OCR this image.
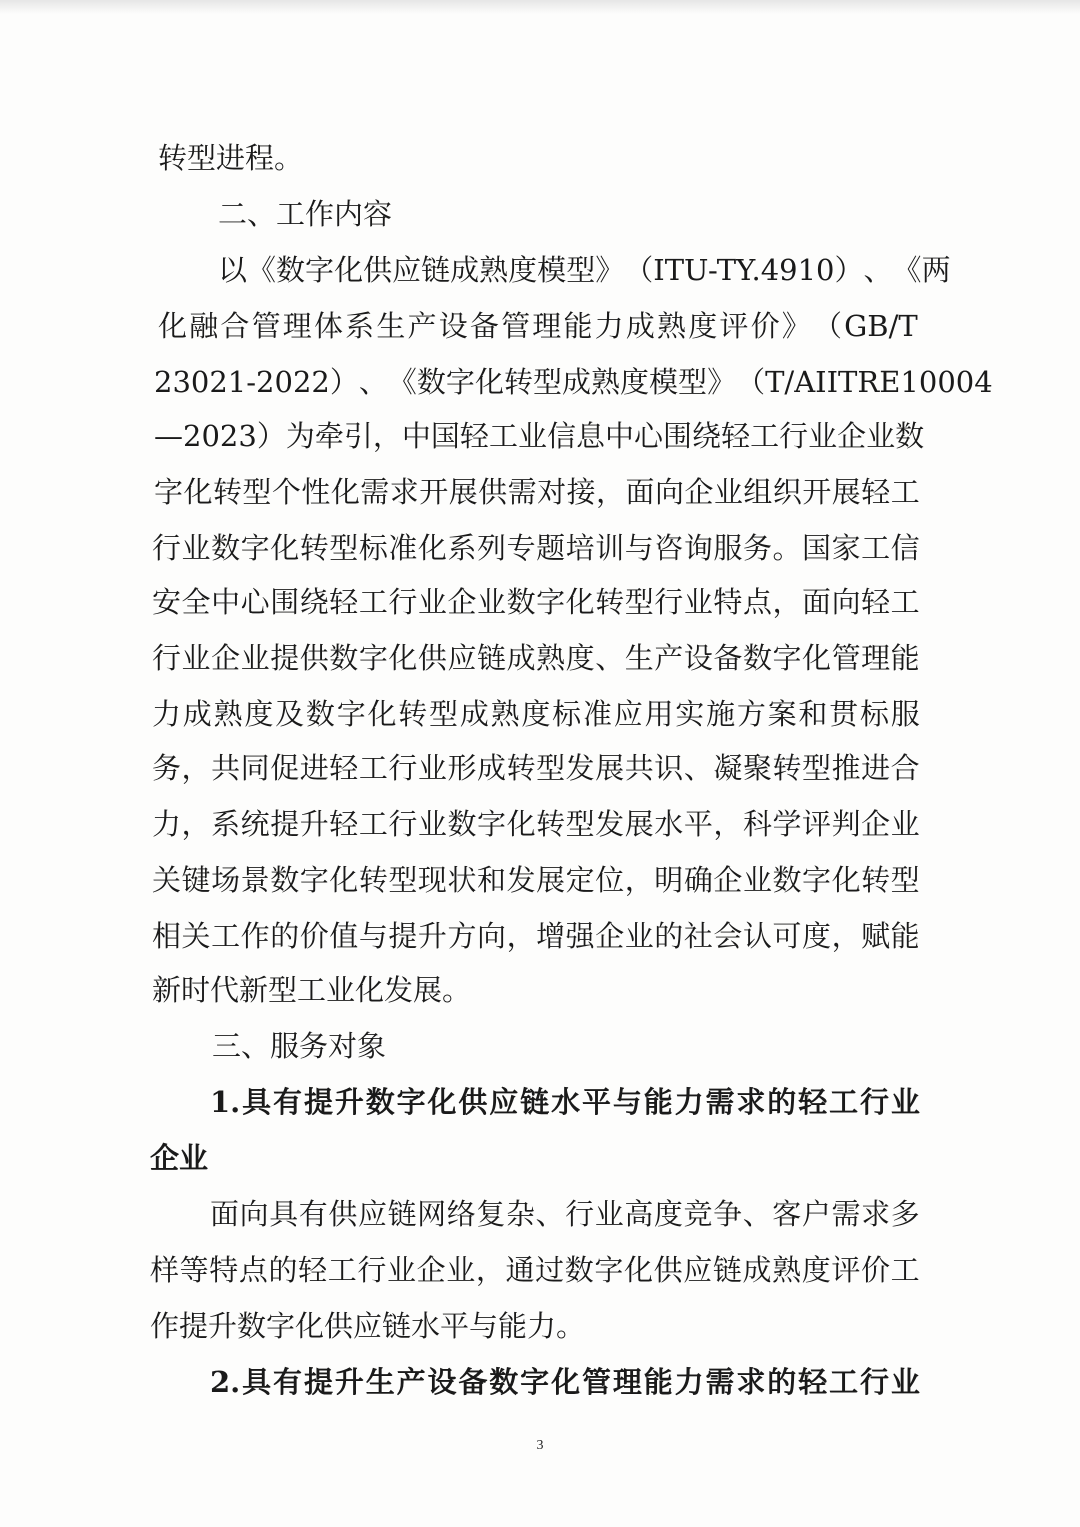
转型进程。
二、工作内容
以 《 数 字 化 供 应 链 成 熟 度 模 型 》 （ ITU-T Y.4910 ） 、 《 两
化 融 合 管 理 体 系 生 产 设 备 管 理 能 力 成 熟 度 评 价 》 （ GB/T
23021-2022 ） 、 《 数 字 化 转 型 成 熟 度 模 型 》 （ T/AIITRE 10004
— 2023 ） 为 牵 引 ， 中 国 轻 工 业 信 息 中 心 围 绕 轻 工 行 业 企 业 数
字 化 转 型 个 性 化 需 求 开 展 供 需 对 接 ， 面 向 企 业 组 织 开 展 轻 工
行 业 数 字 化 转 型 标 准 化 系 列 专 题 培 训 与 咨 询 服 务 。 国 家 工 信
安 全 中 心 围 绕 轻 工 行 业 企 业 数 字 化 转 型 行 业 特 点 ， 面 向 轻 工
行 业 企 业 提 供 数 字 化 供 应 链 成 熟 度 、 生 产 设 备 数 字 化 管 理 能
力 成 熟 度 及 数 字 化 转 型 成 熟 度 标 准 应 用 实 施 方 案 和 贯 标 服
务 ， 共 同 促 进 轻 工 行 业 形 成 转 型 发 展 共 识 、 凝 聚 转 型 推 进 合
力 ， 系 统 提 升 轻 工 行 业 数 字 化 转 型 发 展 水 平 ， 科 学 评 判 企 业
关 键 场 景 数 字 化 转 型 现 状 和 发 展 定 位 ， 明 确 企 业 数 字 化 转 型
相 关 工 作 的 价 值 与 提 升 方 向 ， 增 强 企 业 的 社 会 认 可 度 ， 赋 能
新时代新型工业化发展。
三、服务对象
1. 具 有 提 升 数 字 化 供 应 链 水 平 与 能 力 需 求 的 轻 工 行 业
企业
面 向 具 有 供 应 链 网 络 复 杂 、 行 业 高 度 竞 争 、 客 户 需 求 多
样 等 特 点 的 轻 工 行 业 企 业 ， 通 过 数 字 化 供 应 链 成 熟 度 评 价 工
作提升数字化供应链水平与能力。
2. 具 有 提 升 生 产 设 备 数 字 化 管 理 能 力 需 求 的 轻 工 行 业
3
